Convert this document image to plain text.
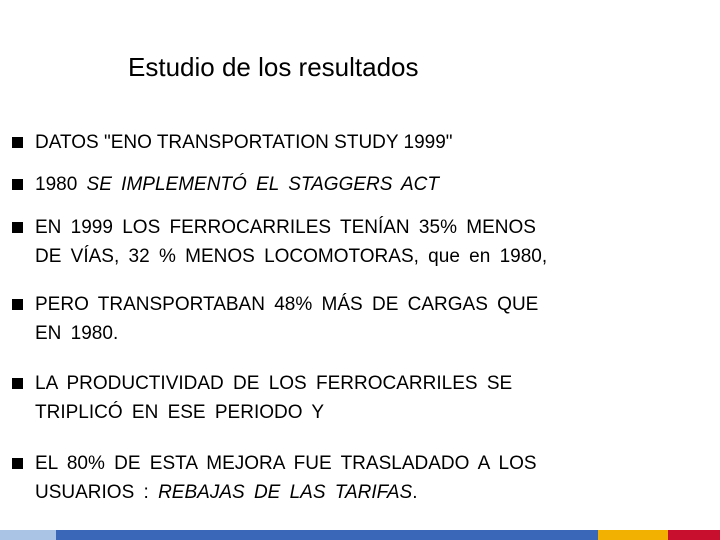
Estudio de los resultados
DATOS "ENO TRANSPORTATION STUDY 1999"
1980 SE IMPLEMENTÓ EL STAGGERS ACT
EN 1999 LOS FERROCARRILES TENÍAN 35% MENOS
DE VÍAS, 32 % MENOS LOCOMOTORAS, que en 1980,
PERO TRANSPORTABAN 48% MÁS DE CARGAS QUE
EN 1980.
LA PRODUCTIVIDAD DE LOS FERROCARRILES SE
TRIPLICÓ EN ESE PERIODO Y
EL 80% DE ESTA MEJORA FUE TRASLADADO A LOS
USUARIOS : REBAJAS DE LAS TARIFAS.
